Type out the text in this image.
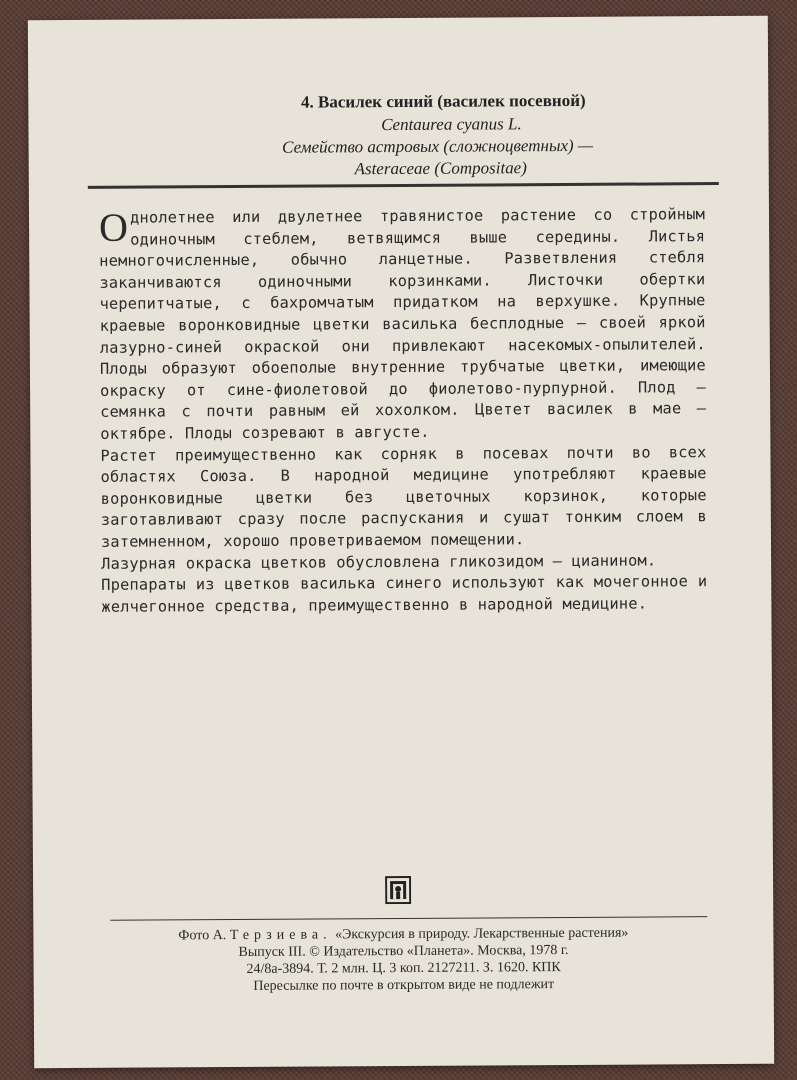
4. Василек синий (василек посевной)
Centaurea cyanus L.
Семейство астровых (сложноцветных) —
Asteraceae (Compositae)

Однолетнее или двулетнее травянистое растение со стройным одиночным стеблем, ветвящимся выше середины. Листья немногочисленные, обычно ланцетные. Разветвления стебля заканчиваются одиночными корзинками. Листочки обертки черепитчатые, с бахромчатым придатком на верхушке. Крупные краевые воронковидные цветки василька бесплодные — своей яркой лазурно-синей окраской они привлекают насекомых-опылителей. Плоды образуют обоеполые внутренние трубчатые цветки, имеющие окраску от сине-фиолетовой до фиолетово-пурпурной. Плод — семянка с почти равным ей хохолком. Цветет василек в мае — октябре. Плоды созревают в августе.

Растет преимущественно как сорняк в посевах почти во всех областях Союза. В народной медицине употребляют краевые воронковидные цветки без цветочных корзинок, которые заготавливают сразу после распускания и сушат тонким слоем в затемненном, хорошо проветриваемом помещении.

Лазурная окраска цветков обусловлена гликозидом — цианином.

Препараты из цветков василька синего используют как мочегонное и желчегонное средства, преимущественно в народной медицине.

Фото А. Терзиева. «Экскурсия в природу. Лекарственные растения»
Выпуск III. © Издательство «Планета». Москва, 1978 г.
24/8а-3894. Т. 2 млн. Ц. 3 коп. 2127211. З. 1620. КПК
Пересылке по почте в открытом виде не подлежит
